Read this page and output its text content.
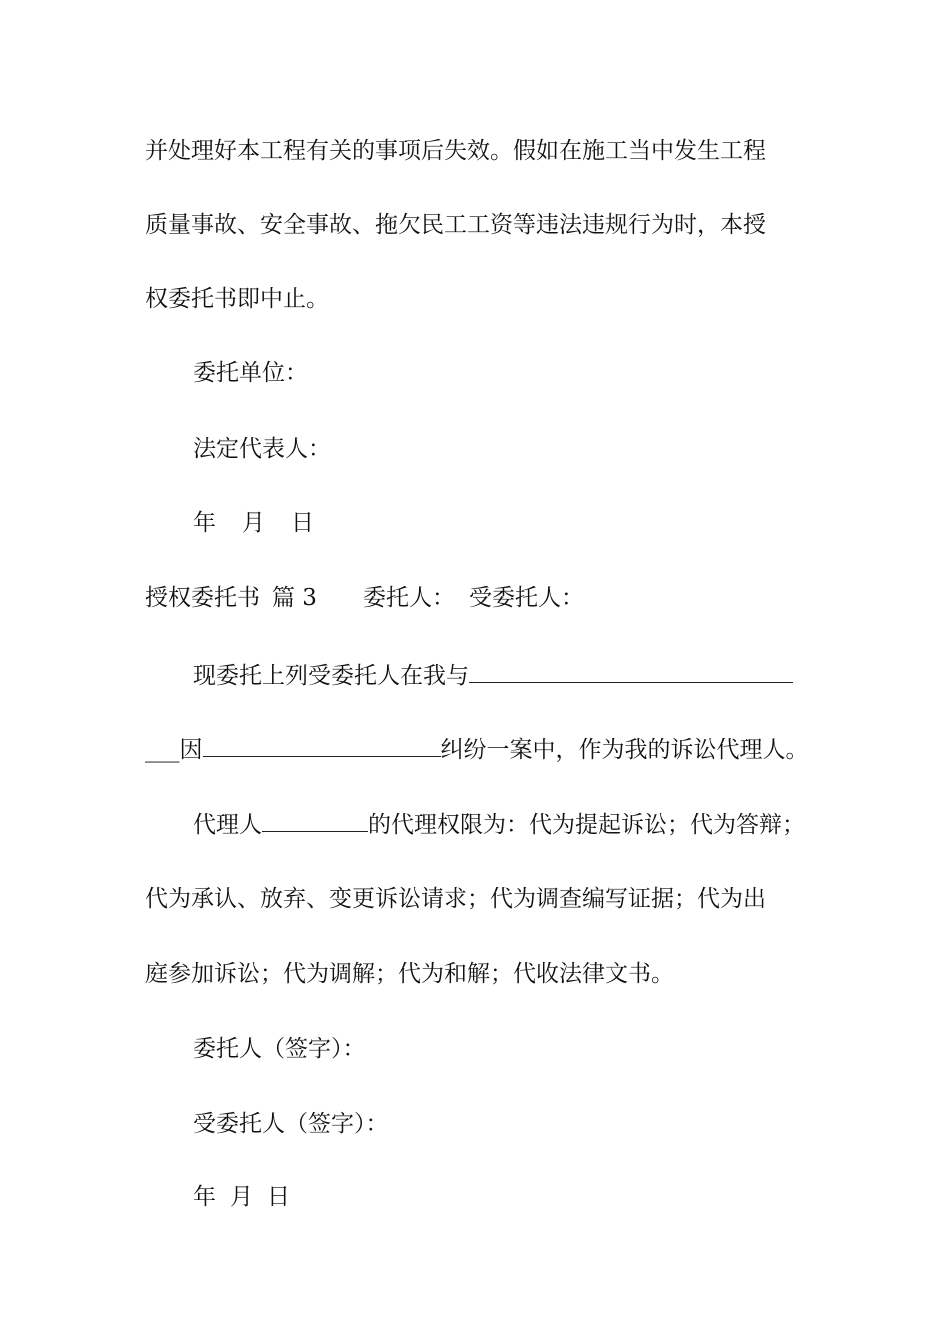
并处理好本工程有关的事项后失效。假如在施工当中发生工程

质量事故、安全事故、拖欠民工工资等违法违规行为时，本授

权委托书即中止。

委托单位：

法定代表人：

年 月 日

授权委托书 篇 3 委托人： 受委托人：

现委托上列受委托人在我与

___因	纠纷一案中，作为我的诉讼代理人。

代理人	的代理权限为：代为提起诉讼；代为答辩；

代为承认、放弃、变更诉讼请求；代为调查编写证据；代为出

庭参加诉讼；代为调解；代为和解；代收法律文书。

委托人（签字）：

受委托人（签字）：

年 月 日
